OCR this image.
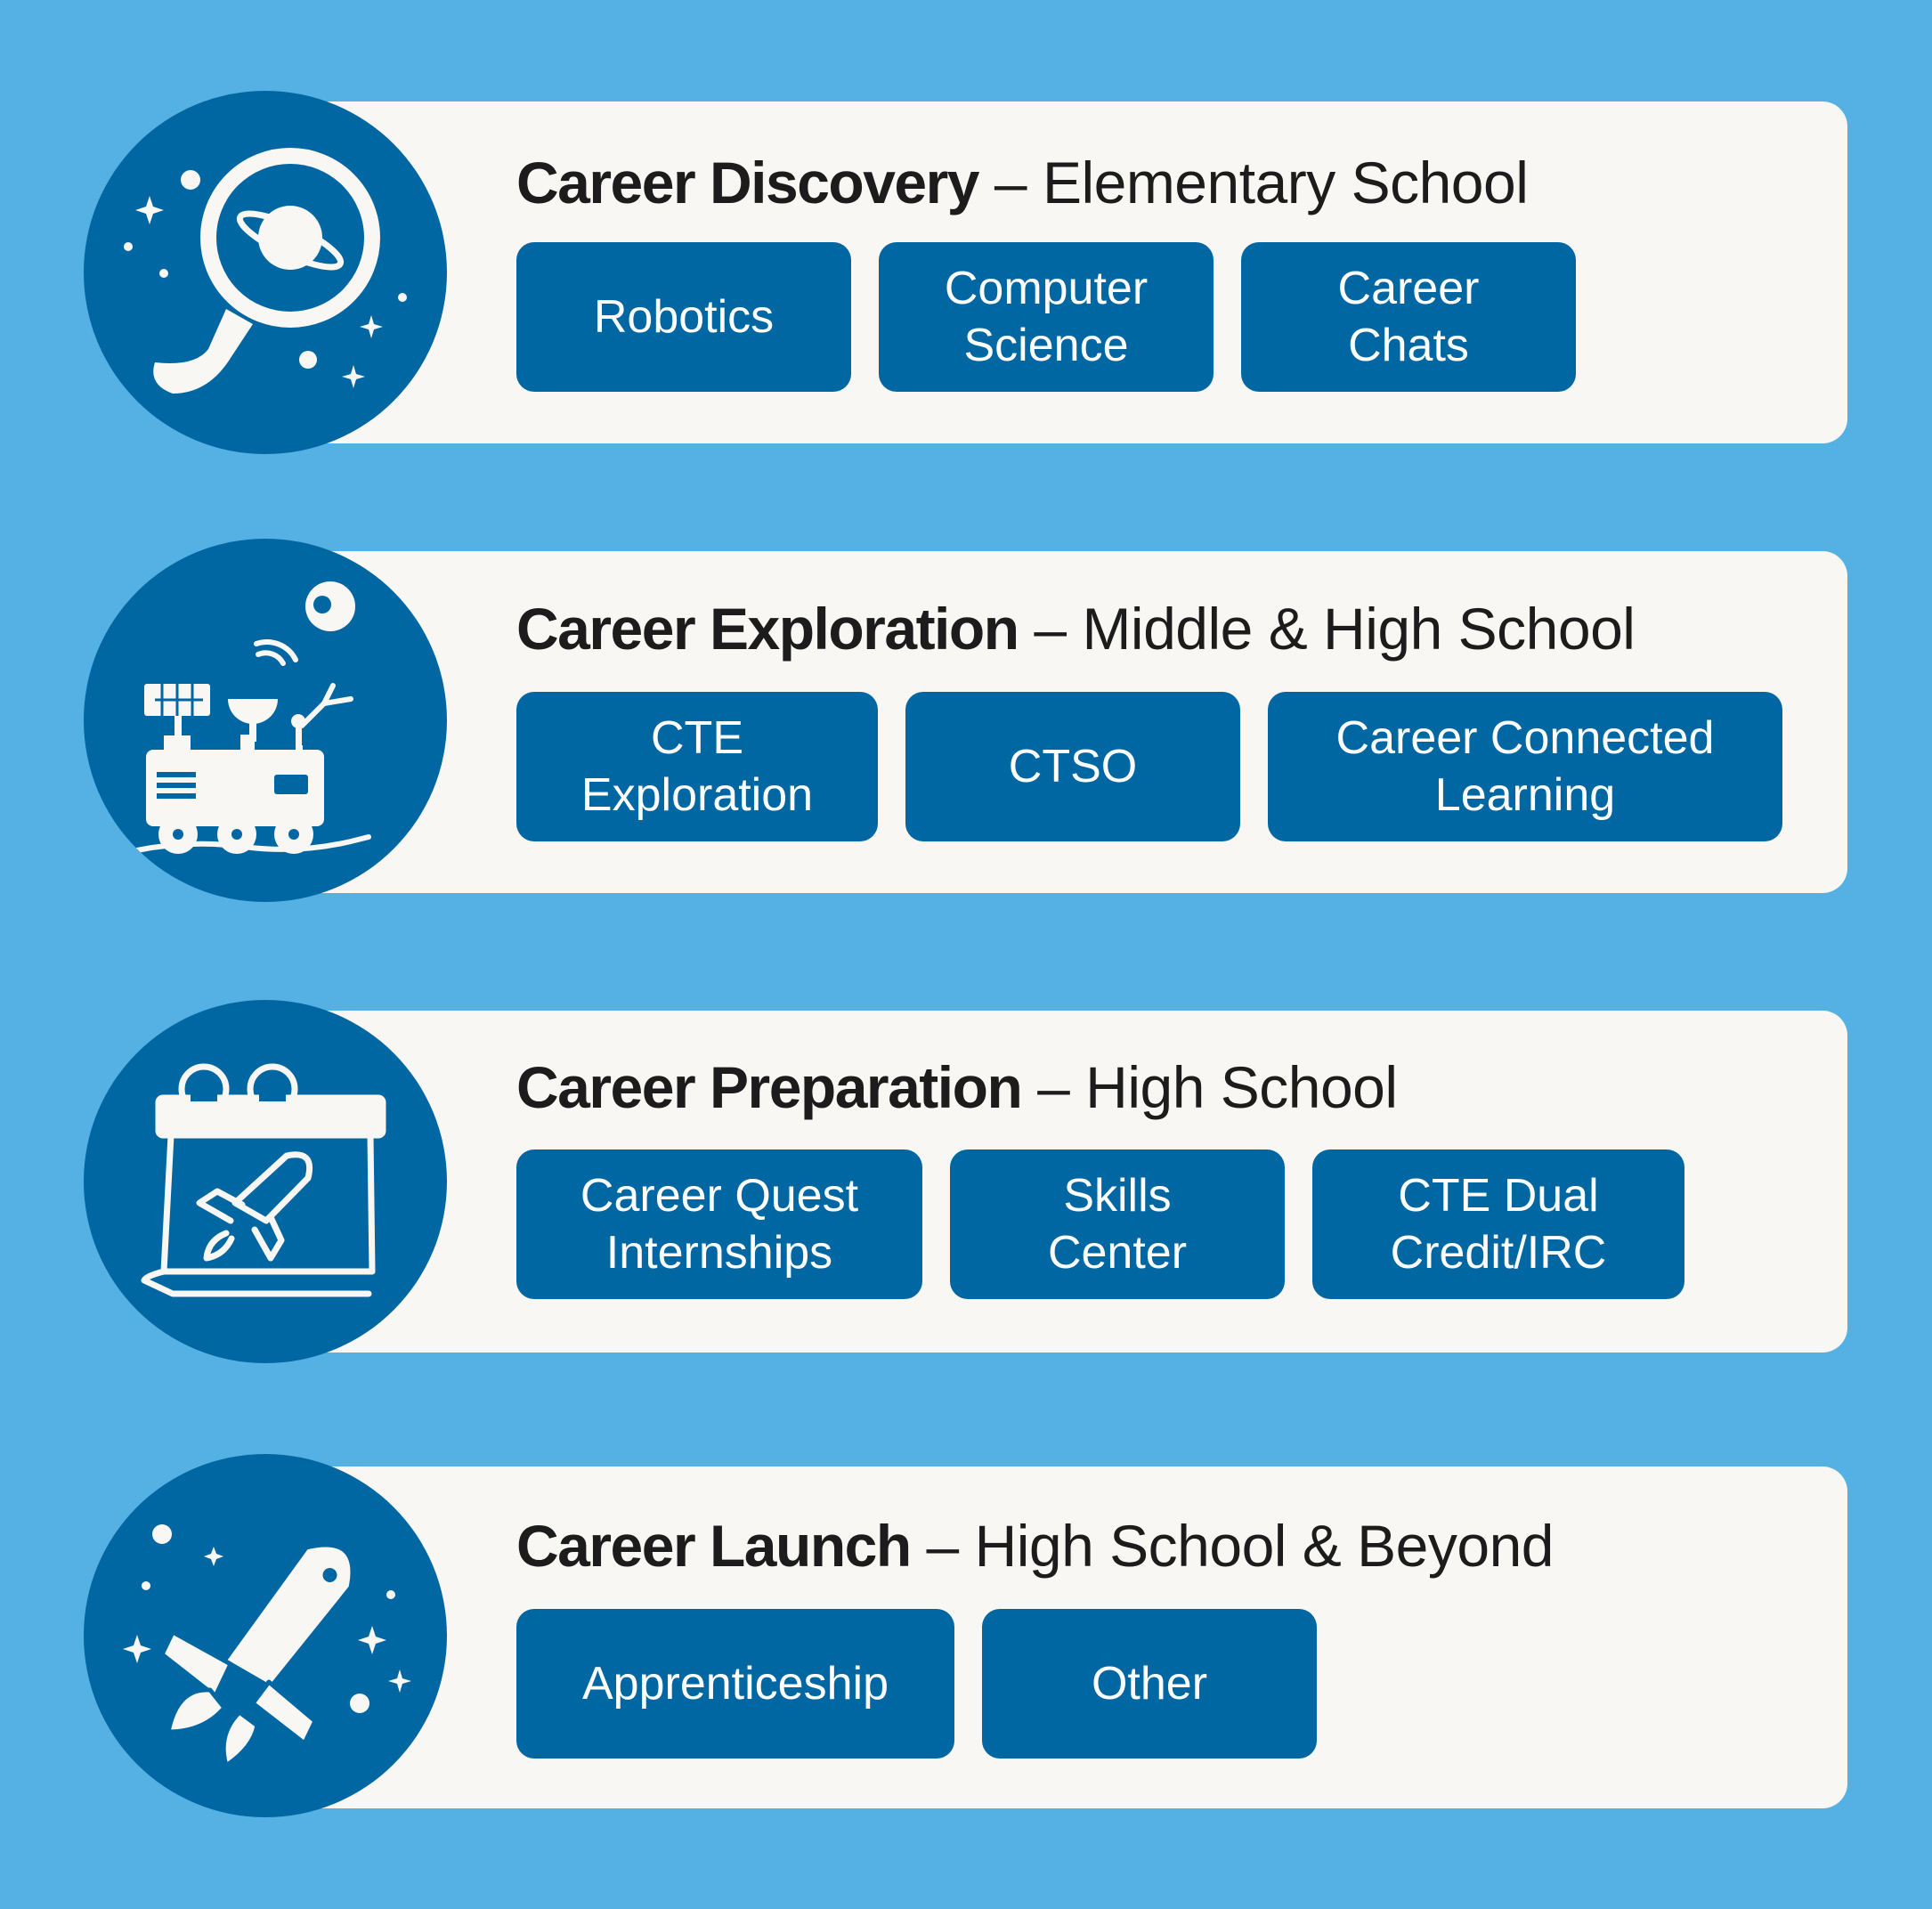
Career Discovery – Elementary School
Robotics
Computer
Science
Career
Chats
Career Exploration – Middle & High School
CTE
Exploration
CTSO
Career Connected
Learning
Career Preparation – High School
Career Quest
Internships
Skills
Center
CTE Dual
Credit/IRC
Career Launch – High School & Beyond
Apprenticeship	Other
